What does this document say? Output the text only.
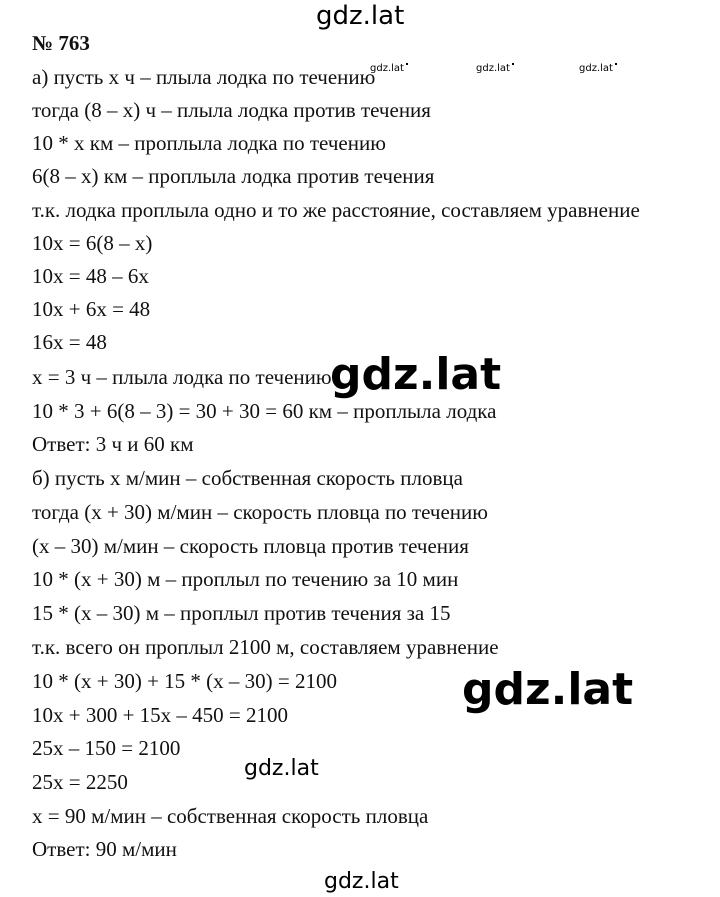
№ 763
а) пусть х ч – плыла лодка по течению
тогда (8 – х) ч – плыла лодка против течения
10 * х км – проплыла лодка по течению
6(8 – х) км – проплыла лодка против течения
т.к. лодка проплыла одно и то же расстояние, составляем уравнение
10х = 6(8 – х)
10х = 48 – 6х
10х + 6х = 48
16х = 48
х = 3 ч – плыла лодка по течению
10 * 3 + 6(8 – 3) = 30 + 30 = 60 км – проплыла лодка
Ответ: 3 ч и 60 км
б) пусть х м/мин – собственная скорость пловца
тогда (х + 30) м/мин – скорость пловца по течению
(х – 30) м/мин – скорость пловца против течения
10 * (х + 30) м – проплыл по течению за 10 мин
15 * (х – 30) м – проплыл против течения за 15
т.к. всего он проплыл 2100 м, составляем уравнение
10 * (х + 30) + 15 * (х – 30) = 2100
10х + 300 + 15х – 450 = 2100
25х – 150 = 2100
25х = 2250
х = 90 м/мин – собственная скорость пловца
Ответ: 90 м/мин
gdz.lat
gdz.lat	gdz.lat	gdz.lat
gdz.lat
gdz.lat
gdz.lat
gdz.lat
